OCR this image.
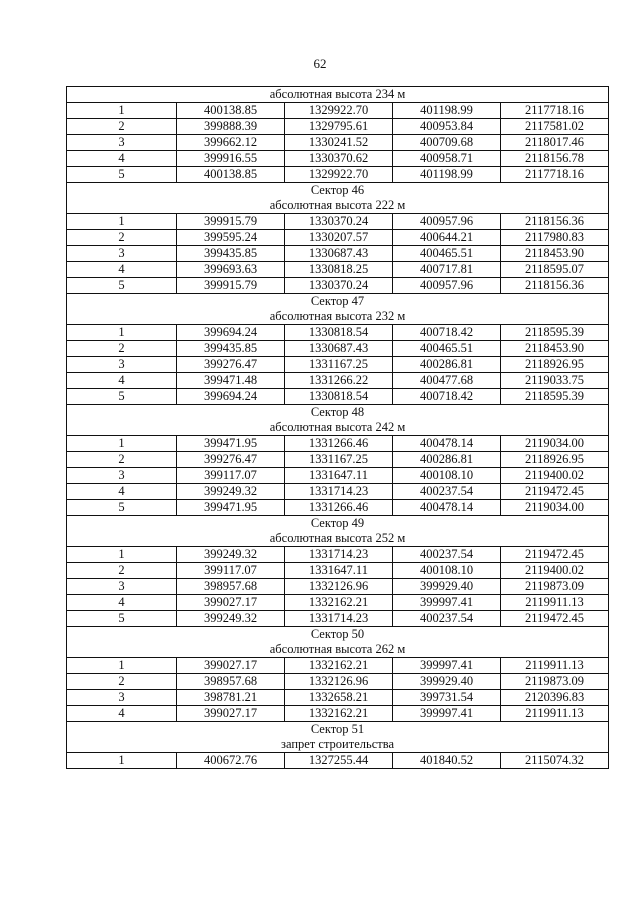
62
абсолютная высота 234 м				
1	400138.85	1329922.70	401198.99	2117718.16
2	399888.39	1329795.61	400953.84	2117581.02
3	399662.12	1330241.52	400709.68	2118017.46
4	399916.55	1330370.62	400958.71	2118156.78
5	400138.85	1329922.70	401198.99	2117718.16
Сектор 46				
абсолютная высота 222 м				
1	399915.79	1330370.24	400957.96	2118156.36
2	399595.24	1330207.57	400644.21	2117980.83
3	399435.85	1330687.43	400465.51	2118453.90
4	399693.63	1330818.25	400717.81	2118595.07
5	399915.79	1330370.24	400957.96	2118156.36
Сектор 47				
абсолютная высота 232 м				
1	399694.24	1330818.54	400718.42	2118595.39
2	399435.85	1330687.43	400465.51	2118453.90
3	399276.47	1331167.25	400286.81	2118926.95
4	399471.48	1331266.22	400477.68	2119033.75
5	399694.24	1330818.54	400718.42	2118595.39
Сектор 48				
абсолютная высота 242 м				
1	399471.95	1331266.46	400478.14	2119034.00
2	399276.47	1331167.25	400286.81	2118926.95
3	399117.07	1331647.11	400108.10	2119400.02
4	399249.32	1331714.23	400237.54	2119472.45
5	399471.95	1331266.46	400478.14	2119034.00
Сектор 49				
абсолютная высота 252 м				
1	399249.32	1331714.23	400237.54	2119472.45
2	399117.07	1331647.11	400108.10	2119400.02
3	398957.68	1332126.96	399929.40	2119873.09
4	399027.17	1332162.21	399997.41	2119911.13
5	399249.32	1331714.23	400237.54	2119472.45
Сектор 50				
абсолютная высота 262 м				
1	399027.17	1332162.21	399997.41	2119911.13
2	398957.68	1332126.96	399929.40	2119873.09
3	398781.21	1332658.21	399731.54	2120396.83
4	399027.17	1332162.21	399997.41	2119911.13
Сектор 51				
запрет строительства				
1	400672.76	1327255.44	401840.52	2115074.32
